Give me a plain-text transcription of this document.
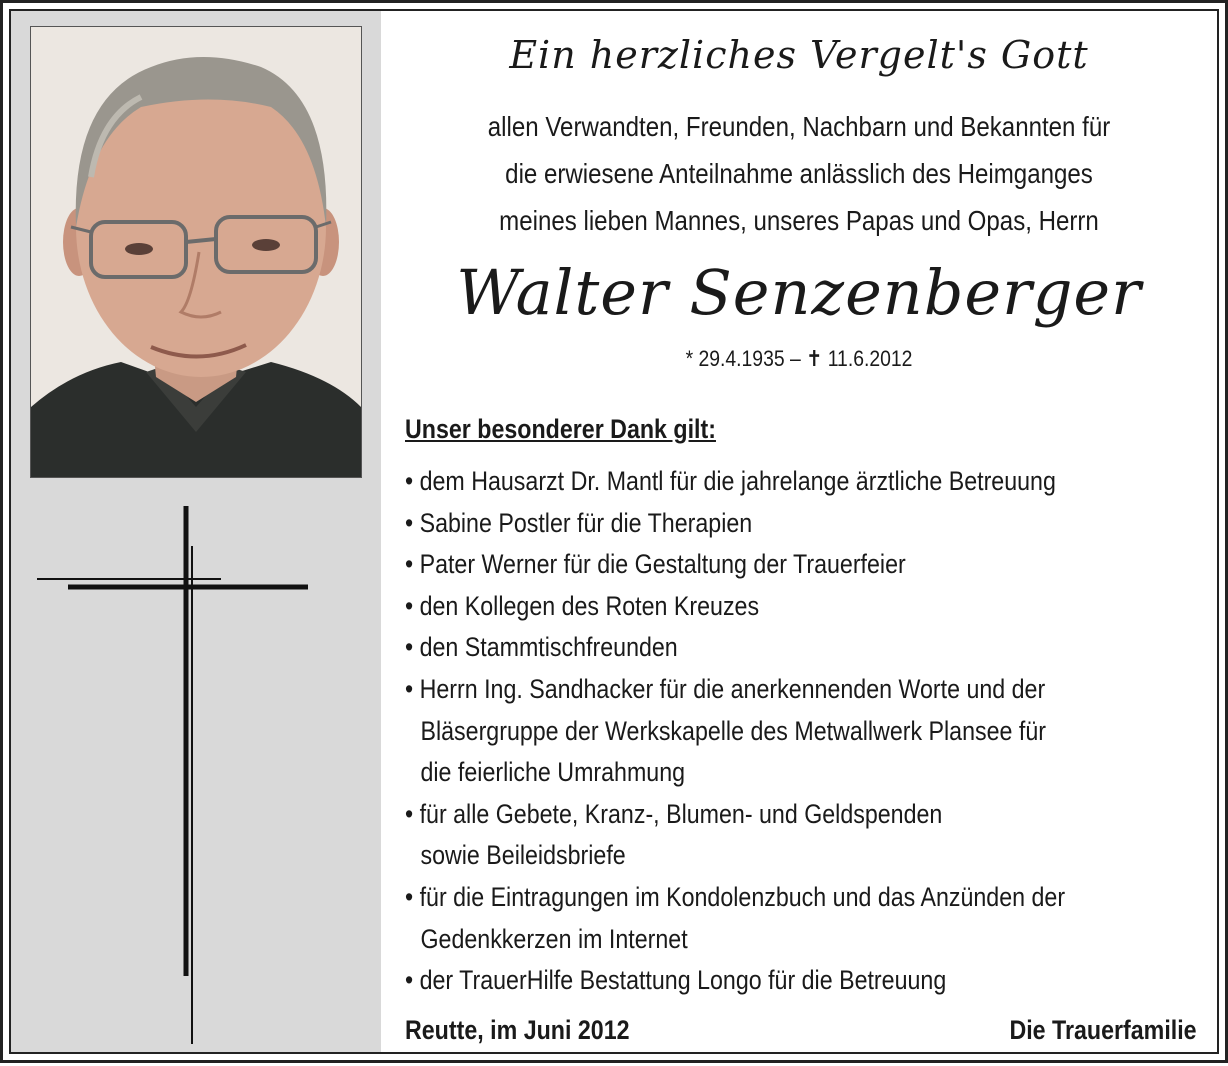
Ein herzliches Vergelt's Gott
allen Verwandten, Freunden, Nachbarn und Bekannten für
die erwiesene Anteilnahme anlässlich des Heimganges
meines lieben Mannes, unseres Papas und Opas, Herrn
Walter Senzenberger
* 29.4.1935 – ✝ 11.6.2012
Unser besonderer Dank gilt:
• dem Hausarzt Dr. Mantl für die jahrelange ärztliche Betreuung
• Sabine Postler für die Therapien
• Pater Werner für die Gestaltung der Trauerfeier
• den Kollegen des Roten Kreuzes
• den Stammtischfreunden
• Herrn Ing. Sandhacker für die anerkennenden Worte und der
Bläsergruppe der Werkskapelle des Metwallwerk Plansee für
die feierliche Umrahmung
• für alle Gebete, Kranz-, Blumen- und Geldspenden
sowie Beileidsbriefe
• für die Eintragungen im Kondolenzbuch und das Anzünden der
Gedenkkerzen im Internet
• der TrauerHilfe Bestattung Longo für die Betreuung
Reutte, im Juni 2012	Die Trauerfamilie
